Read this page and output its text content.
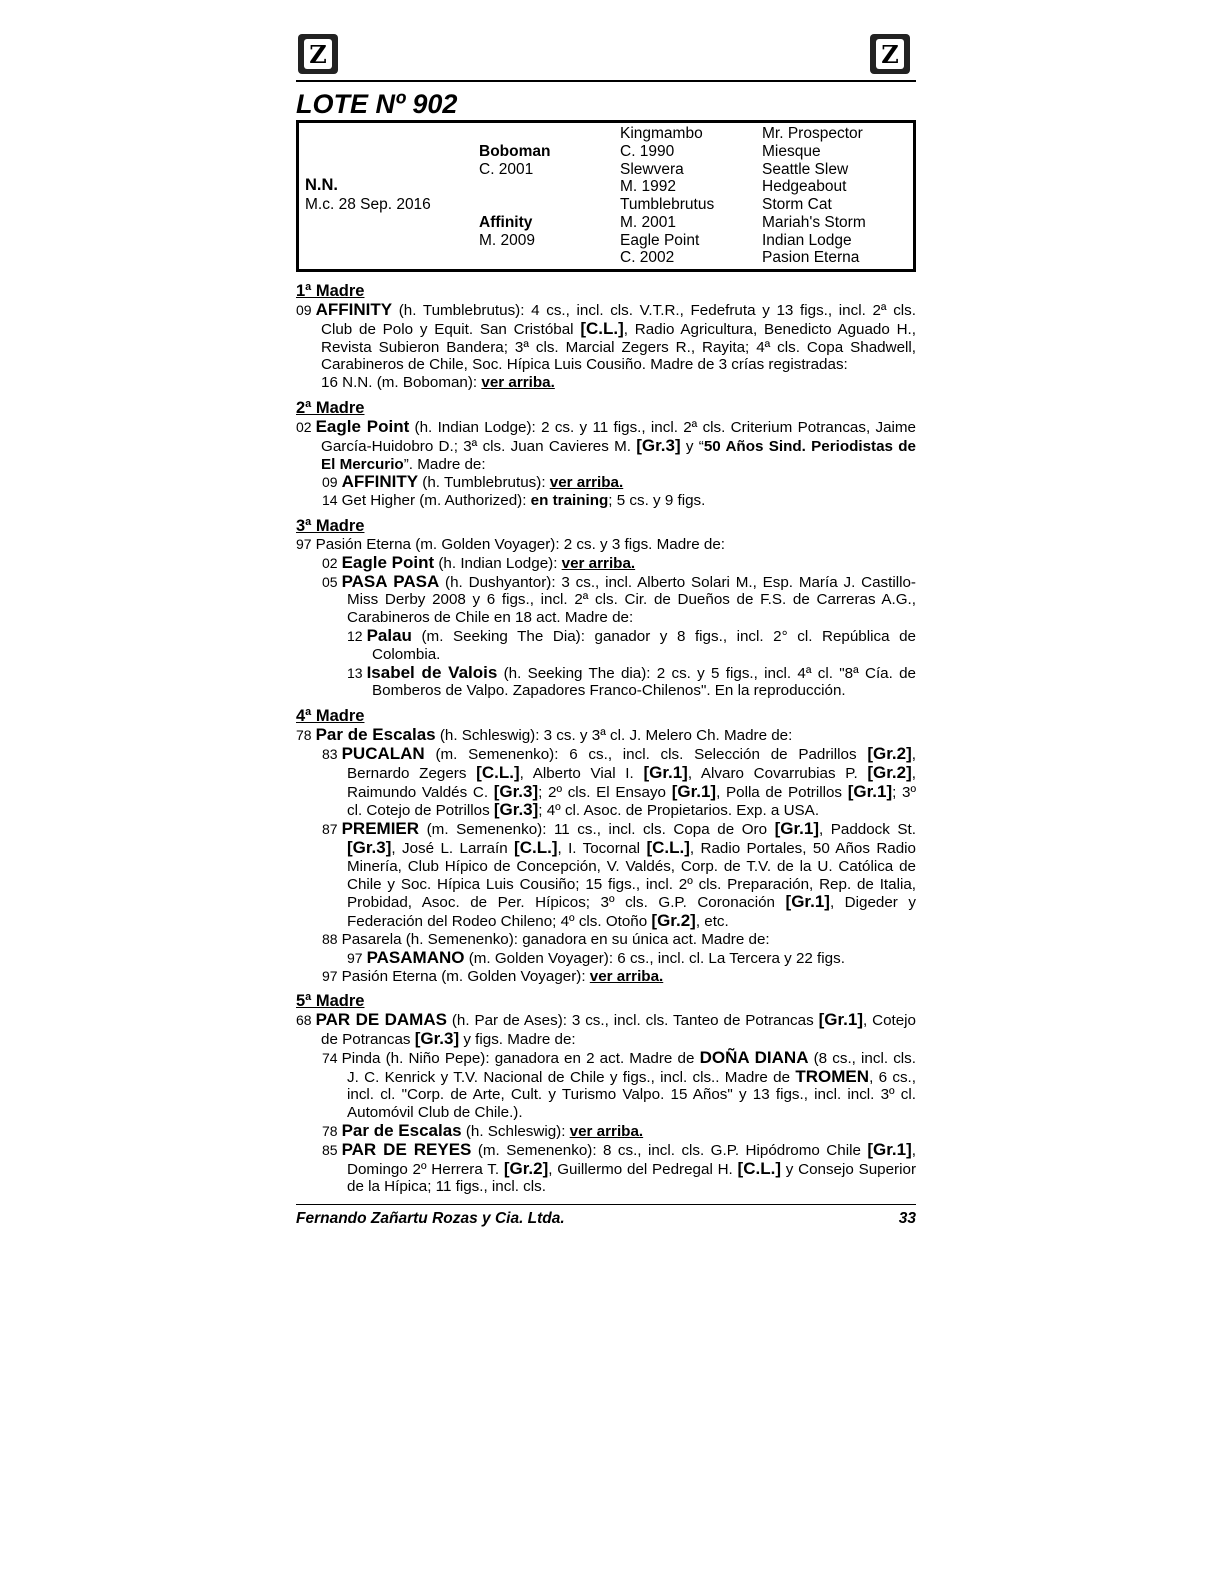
Z	Z
LOTE Nº 902
N.N.
M.c. 28 Sep. 2016
Boboman
C. 2001
Affinity
M. 2009
Kingmambo
C. 1990
Slewvera
M. 1992
Tumblebrutus
M. 2001
Eagle Point
C. 2002
Mr. Prospector
Miesque
Seattle Slew
Hedgeabout
Storm Cat
Mariah's Storm
Indian Lodge
Pasion Eterna
1ª Madre
09 AFFINITY (h. Tumblebrutus): 4 cs., incl. cls. V.T.R., Fedefruta y 13 figs., incl. 2ª cls. Club de Polo y Equit. San Cristóbal [C.L.], Radio Agricultura, Benedicto Aguado H., Revista Subieron Bandera; 3ª cls. Marcial Zegers R., Rayita; 4ª cls. Copa Shadwell, Carabineros de Chile, Soc. Hípica Luis Cousiño. Madre de 3 crías registradas:
16 N.N. (m. Boboman): ver arriba.
2ª Madre
02 Eagle Point (h. Indian Lodge): 2 cs. y 11 figs., incl. 2ª cls. Criterium Potrancas, Jaime García-Huidobro D.; 3ª cls. Juan Cavieres M. [Gr.3] y “50 Años Sind. Periodistas de El Mercurio”. Madre de:
09 AFFINITY (h. Tumblebrutus): ver arriba.
14 Get Higher (m. Authorized): en training; 5 cs. y 9 figs.
3ª Madre
97 Pasión Eterna (m. Golden Voyager): 2 cs. y 3 figs. Madre de:
02 Eagle Point (h. Indian Lodge): ver arriba.
05 PASA PASA (h. Dushyantor): 3 cs., incl. Alberto Solari M., Esp. María J. Castillo-Miss Derby 2008 y 6 figs., incl. 2ª cls. Cir. de Dueños de F.S. de Carreras A.G., Carabineros de Chile en 18 act. Madre de:
12 Palau (m. Seeking The Dia): ganador y 8 figs., incl. 2° cl. República de Colombia.
13 Isabel de Valois (h. Seeking The dia): 2 cs. y 5 figs., incl. 4ª cl. "8ª Cía. de Bomberos de Valpo. Zapadores Franco-Chilenos". En la reproducción.
4ª Madre
78 Par de Escalas (h. Schleswig): 3 cs. y 3ª cl. J. Melero Ch. Madre de:
83 PUCALAN (m. Semenenko): 6 cs., incl. cls. Selección de Padrillos [Gr.2], Bernardo Zegers [C.L.], Alberto Vial I. [Gr.1], Alvaro Covarrubias P. [Gr.2], Raimundo Valdés C. [Gr.3]; 2º cls. El Ensayo [Gr.1], Polla de Potrillos [Gr.1]; 3º cl. Cotejo de Potrillos [Gr.3]; 4º cl. Asoc. de Propietarios. Exp. a USA.
87 PREMIER (m. Semenenko): 11 cs., incl. cls. Copa de Oro [Gr.1], Paddock St. [Gr.3], José L. Larraín [C.L.], I. Tocornal [C.L.], Radio Portales, 50 Años Radio Minería, Club Hípico de Concepción, V. Valdés, Corp. de T.V. de la U. Católica de Chile y Soc. Hípica Luis Cousiño; 15 figs., incl. 2º cls. Preparación, Rep. de Italia, Probidad, Asoc. de Per. Hípicos; 3º cls. G.P. Coronación [Gr.1], Digeder y Federación del Rodeo Chileno; 4º cls. Otoño [Gr.2], etc.
88 Pasarela (h. Semenenko): ganadora en su única act. Madre de:
97 PASAMANO (m. Golden Voyager): 6 cs., incl. cl. La Tercera y 22 figs.
97 Pasión Eterna (m. Golden Voyager): ver arriba.
5ª Madre
68 PAR DE DAMAS (h. Par de Ases): 3 cs., incl. cls. Tanteo de Potrancas [Gr.1], Cotejo de Potrancas [Gr.3] y figs. Madre de:
74 Pinda (h. Niño Pepe): ganadora en 2 act. Madre de DOÑA DIANA (8 cs., incl. cls. J. C. Kenrick y T.V. Nacional de Chile y figs., incl. cls.. Madre de TROMEN, 6 cs., incl. cl. "Corp. de Arte, Cult. y Turismo Valpo. 15 Años" y 13 figs., incl. incl. 3º cl. Automóvil Club de Chile.).
78 Par de Escalas (h. Schleswig): ver arriba.
85 PAR DE REYES (m. Semenenko): 8 cs., incl. cls. G.P. Hipódromo Chile [Gr.1], Domingo 2º Herrera T. [Gr.2], Guillermo del Pedregal H. [C.L.] y Consejo Superior de la Hípica; 11 figs., incl. cls.
Fernando Zañartu Rozas y Cia. Ltda.	33
